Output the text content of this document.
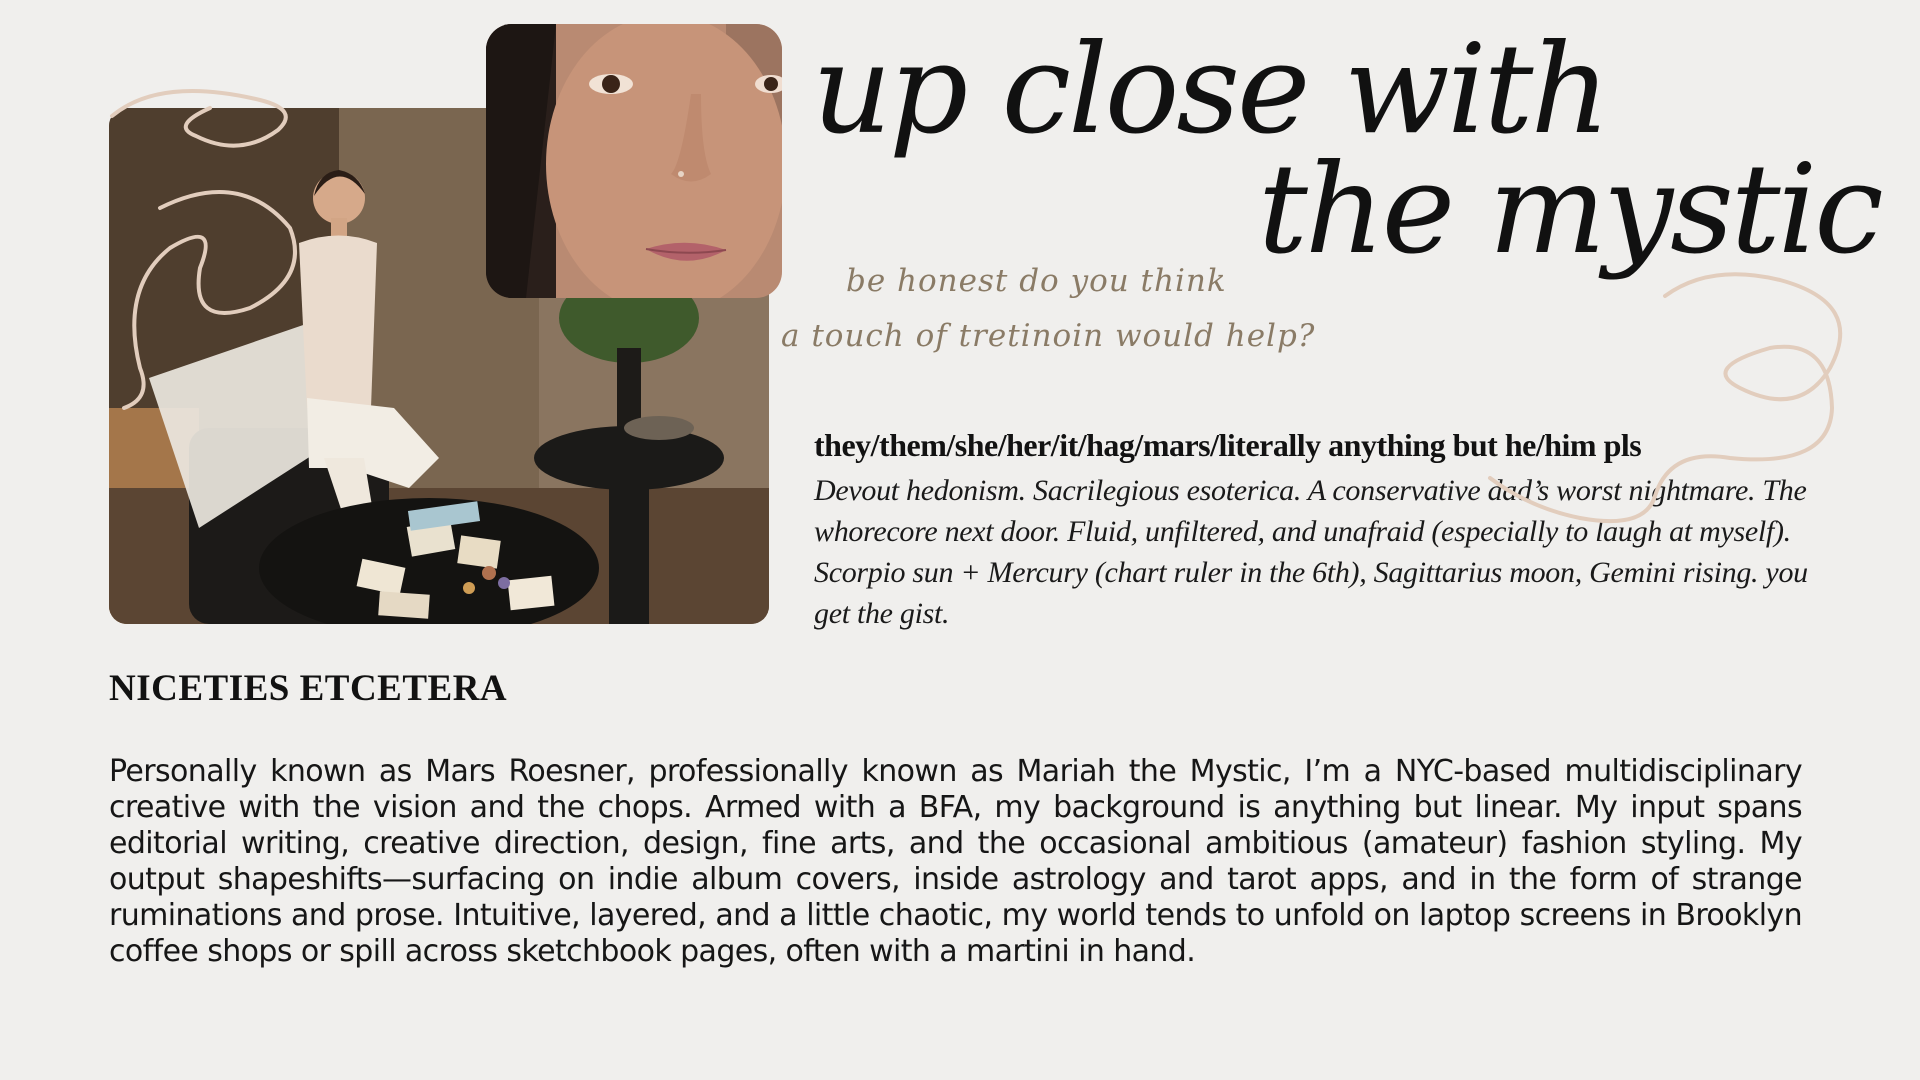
up close with
the mystic

be honest do you think

a touch of tretinoin would help?

they/them/she/her/it/hag/mars/literally anything but he/him pls

Devout hedonism. Sacrilegious esoterica. A conservative dad’s worst nightmare. The whorecore next door. Fluid, unfiltered, and unafraid (especially to laugh at myself). Scorpio sun + Mercury (chart ruler in the 6th), Sagittarius moon, Gemini rising. you get the gist.

NICETIES ETCETERA

Personally known as Mars Roesner, professionally known as Mariah the Mystic, I’m a NYC-based multidisciplinary creative with the vision and the chops. Armed with a BFA, my background is anything but linear. My input spans editorial writing, creative direction, design, fine arts, and the occasional ambitious (amateur) fashion styling. My output shapeshifts—surfacing on indie album covers, inside astrology and tarot apps, and in the form of strange ruminations and prose. Intuitive, layered, and a little chaotic, my world tends to unfold on laptop screens in Brooklyn coffee shops or spill across sketchbook pages, often with a martini in hand.
